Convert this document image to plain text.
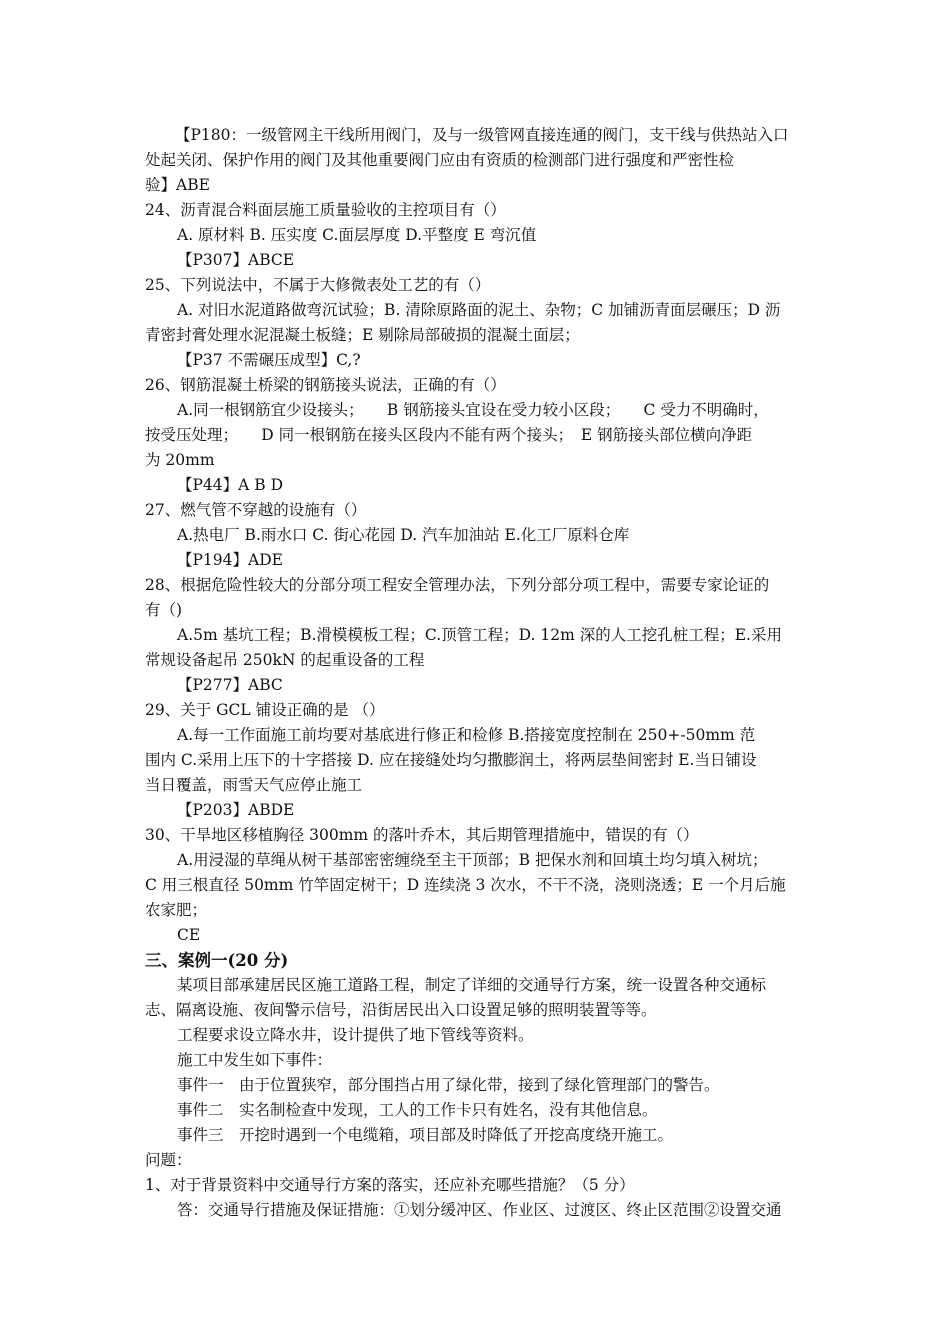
【P180：一级管网主干线所用阀门，及与一级管网直接连通的阀门，支干线与供热站入口
处起关闭、保护作用的阀门及其他重要阀门应由有资质的检测部门进行强度和严密性检
验】ABE
24、沥青混合料面层施工质量验收的主控项目有（）
A. 原材料 B. 压实度 C.面层厚度 D.平整度 E 弯沉值
【P307】ABCE
25、下列说法中，不属于大修微表处工艺的有（）
A. 对旧水泥道路做弯沉试验；B. 清除原路面的泥土、杂物；C 加铺沥青面层碾压；D 沥
青密封膏处理水泥混凝土板缝；E 剔除局部破损的混凝土面层；
【P37 不需碾压成型】C,?
26、钢筋混凝土桥梁的钢筋接头说法，正确的有（）
A.同一根钢筋宜少设接头；　　B 钢筋接头宜设在受力较小区段；　　C 受力不明确时，
按受压处理；　　D 同一根钢筋在接头区段内不能有两个接头；　E 钢筋接头部位横向净距
为 20mm
【P44】A B D
27、燃气管不穿越的设施有（）
A.热电厂 B.雨水口 C. 街心花园 D. 汽车加油站 E.化工厂原料仓库
【P194】ADE
28、根据危险性较大的分部分项工程安全管理办法，下列分部分项工程中，需要专家论证的
有（)
A.5m 基坑工程；B.滑模模板工程；C.顶管工程；D. 12m 深的人工挖孔桩工程；E.采用
常规设备起吊 250kN 的起重设备的工程
【P277】ABC
29、关于 GCL 铺设正确的是 （）
A.每一工作面施工前均要对基底进行修正和检修 B.搭接宽度控制在 250+-50mm 范
围内 C.采用上压下的十字搭接 D. 应在接缝处均匀撒膨润土，将两层垫间密封 E.当日铺设
当日覆盖，雨雪天气应停止施工
【P203】ABDE
30、干旱地区移植胸径 300mm 的落叶乔木，其后期管理措施中，错误的有（）
A.用浸湿的草绳从树干基部密密缠绕至主干顶部；B 把保水剂和回填土均匀填入树坑；
C 用三根直径 50mm 竹竿固定树干；D 连续浇 3 次水，不干不浇，浇则浇透；E 一个月后施
农家肥；
CE
三、案例一(20 分)
某项目部承建居民区施工道路工程，制定了详细的交通导行方案，统一设置各种交通标
志、隔离设施、夜间警示信号，沿街居民出入口设置足够的照明装置等等。
工程要求设立降水井，设计提供了地下管线等资料。
施工中发生如下事件：
事件一　由于位置狭窄，部分围挡占用了绿化带，接到了绿化管理部门的警告。
事件二　实名制检查中发现，工人的工作卡只有姓名，没有其他信息。
事件三　开挖时遇到一个电缆箱，项目部及时降低了开挖高度绕开施工。
问题：
1、对于背景资料中交通导行方案的落实，还应补充哪些措施？（5 分）
答：交通导行措施及保证措施：①划分缓冲区、作业区、过渡区、终止区范围②设置交通
